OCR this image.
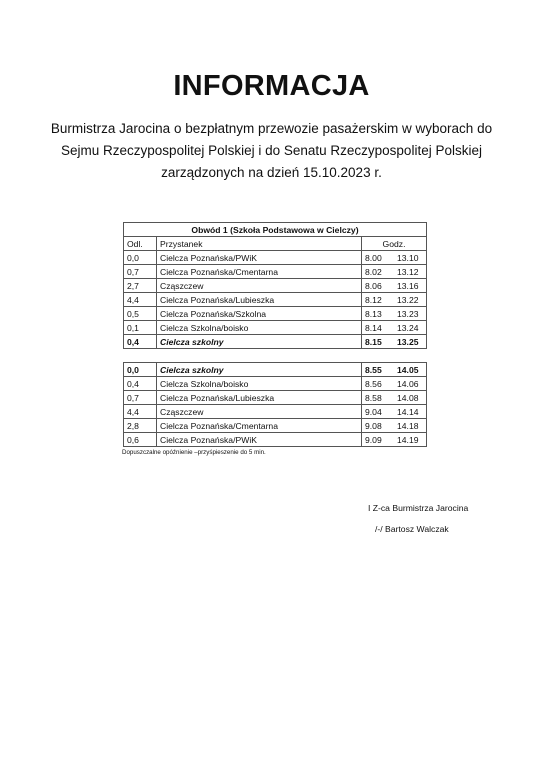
INFORMACJA
Burmistrza Jarocina o bezpłatnym przewozie pasażerskim w wyborach do Sejmu Rzeczypospolitej Polskiej i do Senatu Rzeczypospolitej Polskiej zarządzonych na dzień 15.10.2023 r.
Obwód 1 (Szkoła Podstawowa w Cielczy)			
Odl.	Przystanek	Godz.	
0,0	Cielcza Poznańska/PWiK	8.00	13.10
0,7	Cielcza Poznańska/Cmentarna	8.02	13.12
2,7	Cząszczew	8.06	13.16
4,4	Cielcza Poznańska/Lubieszka	8.12	13.22
0,5	Cielcza Poznańska/Szkolna	8.13	13.23
0,1	Cielcza Szkolna/boisko	8.14	13.24
0,4	Cielcza szkolny	8.15	13.25
0,0	Cielcza szkolny	8.55	14.05
0,4	Cielcza Szkolna/boisko	8.56	14.06
0,7	Cielcza Poznańska/Lubieszka	8.58	14.08
4,4	Cząszczew	9.04	14.14
2,8	Cielcza Poznańska/Cmentarna	9.08	14.18
0,6	Cielcza Poznańska/PWiK	9.09	14.19
Dopuszczalne opóźnienie –przyśpieszenie do 5 min.
I Z-ca Burmistrza Jarocina
/-/ Bartosz Walczak
